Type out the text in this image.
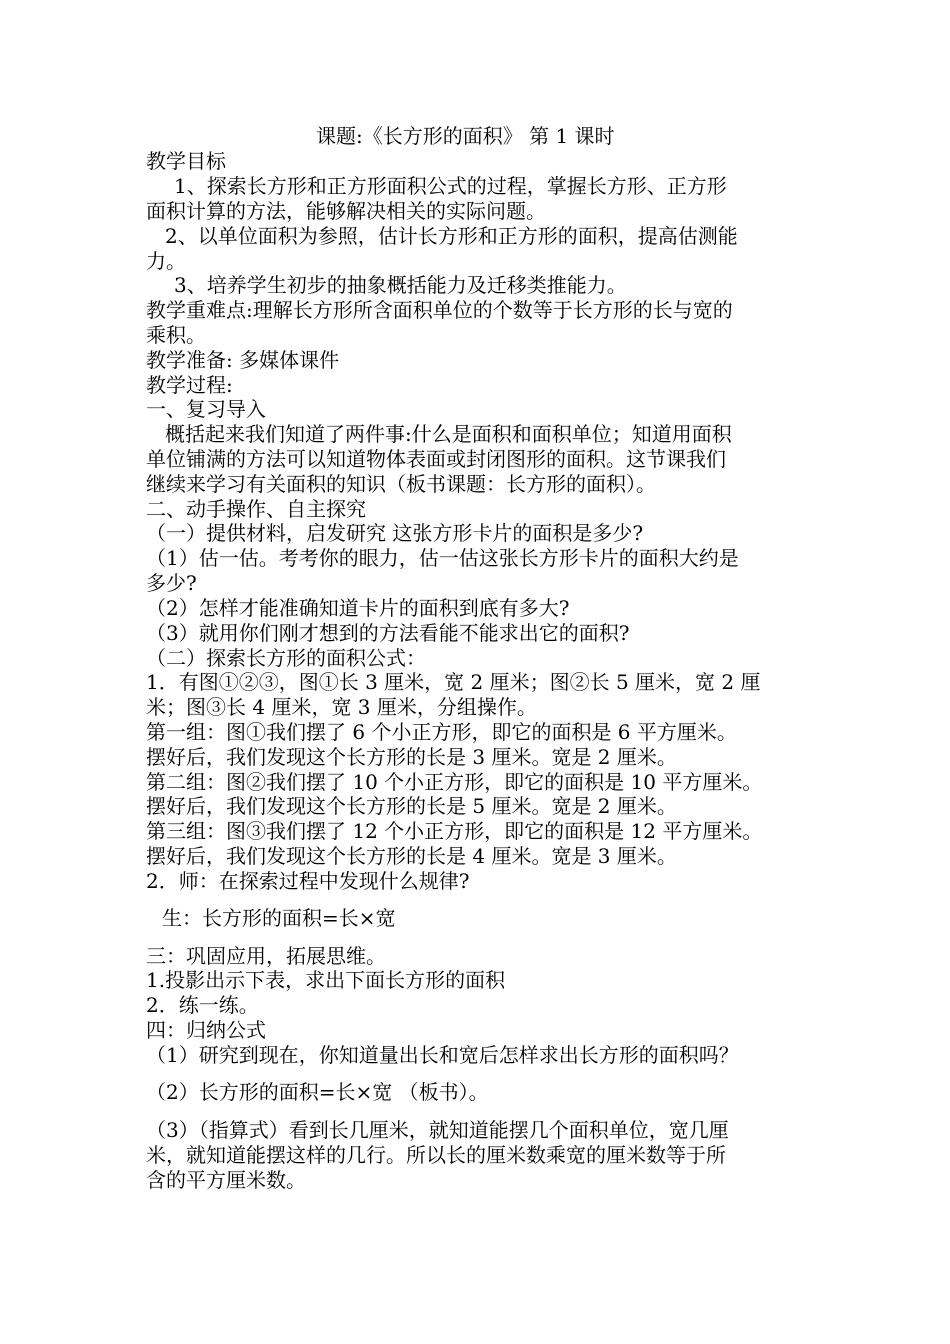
课题:《长方形的面积》 第 1 课时
教学目标
1、探索长方形和正方形面积公式的过程，掌握长方形、正方形
面积计算的方法，能够解决相关的实际问题。
2、以单位面积为参照，估计长方形和正方形的面积，提高估测能
力。
3、培养学生初步的抽象概括能力及迁移类推能力。
教学重难点:理解长方形所含面积单位的个数等于长方形的长与宽的
乘积。
教学准备: 多媒体课件
教学过程:
一、复习导入
概括起来我们知道了两件事:什么是面积和面积单位；知道用面积
单位铺满的方法可以知道物体表面或封闭图形的面积。这节课我们
继续来学习有关面积的知识（板书课题：长方形的面积）。
二、动手操作、自主探究
（一）提供材料，启发研究 这张方形卡片的面积是多少?
（1）估一估。考考你的眼力，估一估这张长方形卡片的面积大约是
多少?
（2）怎样才能准确知道卡片的面积到底有多大?
（3）就用你们刚才想到的方法看能不能求出它的面积?
（二）探索长方形的面积公式：
1．有图①②③，图①长 3 厘米，宽 2 厘米；图②长 5 厘米，宽 2 厘
米；图③长 4 厘米，宽 3 厘米，分组操作。
第一组：图①我们摆了 6 个小正方形，即它的面积是 6 平方厘米。
摆好后，我们发现这个长方形的长是 3 厘米。宽是 2 厘米。
第二组：图②我们摆了 10 个小正方形，即它的面积是 10 平方厘米。
摆好后，我们发现这个长方形的长是 5 厘米。宽是 2 厘米。
第三组：图③我们摆了 12 个小正方形，即它的面积是 12 平方厘米。
摆好后，我们发现这个长方形的长是 4 厘米。宽是 3 厘米。
2．师：在探索过程中发现什么规律?
生：长方形的面积=长×宽
三：巩固应用，拓展思维。
1.投影出示下表，求出下面长方形的面积
2．练一练。
四：归纳公式
（1）研究到现在，你知道量出长和宽后怎样求出长方形的面积吗？
（2）长方形的面积=长×宽 （板书）。
（3）（指算式）看到长几厘米，就知道能摆几个面积单位，宽几厘
米，就知道能摆这样的几行。所以长的厘米数乘宽的厘米数等于所
含的平方厘米数。
